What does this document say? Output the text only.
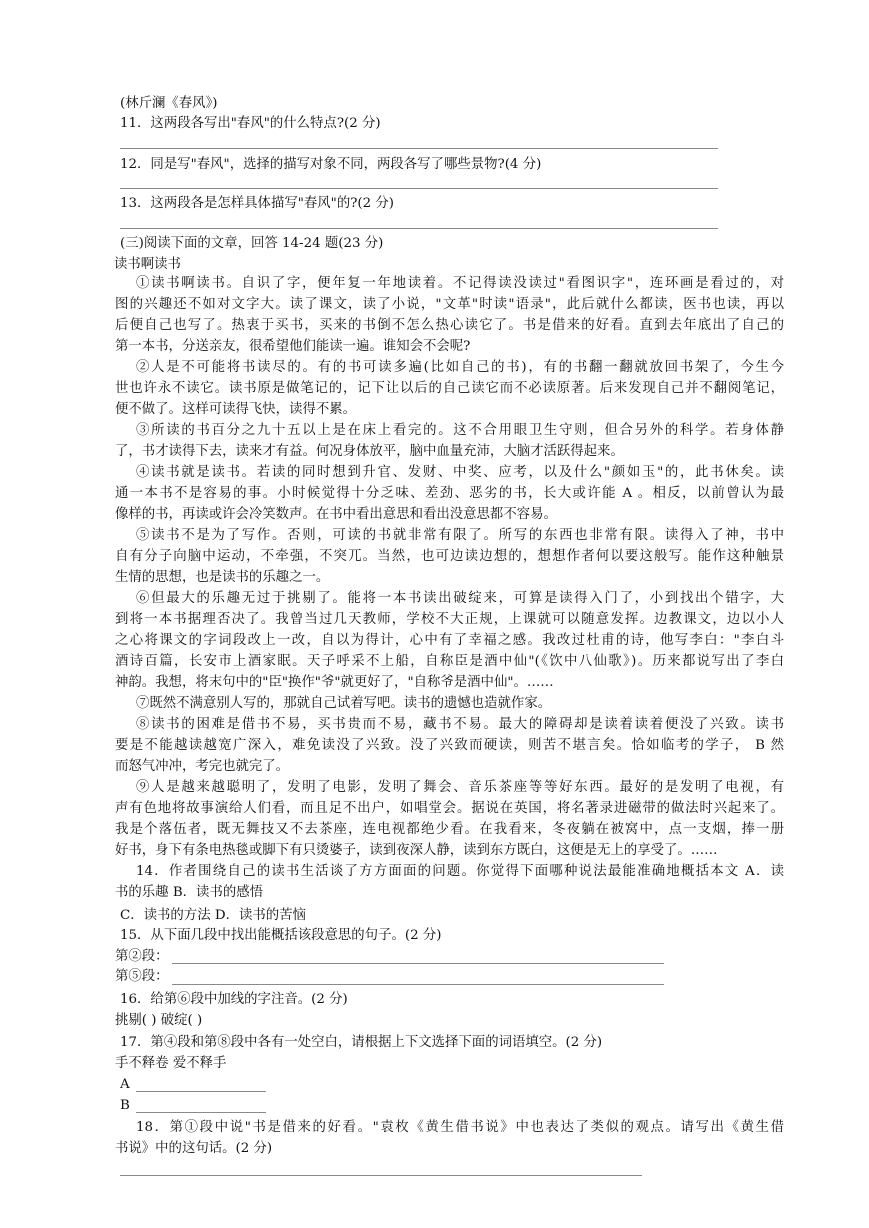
(林斤澜《春风》)
11．这两段各写出"春风"的什么特点?(2 分)
12．同是写"春风"，选择的描写对象不同，两段各写了哪些景物?(4 分)
13．这两段各是怎样具体描写"春风"的?(2 分)
(三)阅读下面的文章，回答 14-24 题(23 分)
读书啊读书
①读书啊读书。自识了字，便年复一年地读着。不记得读没读过"看图识字"，连环画是看过的，对
图的兴趣还不如对文字大。读了课文，读了小说，"文革"时读"语录"，此后就什么都读，医书也读，再以
后便自己也写了。热衷于买书，买来的书倒不怎么热心读它了。书是借来的好看。直到去年底出了自己的
第一本书，分送亲友，很希望他们能读一遍。谁知会不会呢?
②人是不可能将书读尽的。有的书可读多遍(比如自己的书)，有的书翻一翻就放回书架了，今生今
世也许永不读它。读书原是做笔记的，记下让以后的自己读它而不必读原著。后来发现自己并不翻阅笔记，
便不做了。这样可读得飞快，读得不累。
③所读的书百分之九十五以上是在床上看完的。这不合用眼卫生守则，但合另外的科学。若身体静
了，书才读得下去，读来才有益。何况身体放平，脑中血量充沛，大脑才活跃得起来。
④读书就是读书。若读的同时想到升官、发财、中奖、应考，以及什么"颜如玉"的，此书休矣。读
通一本书不是容易的事。小时候觉得十分乏味、差劲、恶劣的书，长大或许能 A 。相反，以前曾认为最
像样的书，再读或许会冷笑数声。在书中看出意思和看出没意思都不容易。
⑤读书不是为了写作。否则，可读的书就非常有限了。所写的东西也非常有限。读得入了神，书中
自有分子向脑中运动，不牵强，不突兀。当然，也可边读边想的，想想作者何以要这般写。能作这种触景
生情的思想，也是读书的乐趣之一。
⑥但最大的乐趣无过于挑剔了。能将一本书读出破绽来，可算是读得入门了，小到找出个错字，大
到将一本书据理否决了。我曾当过几天教师，学校不大正规，上课就可以随意发挥。边教课文，边以小人
之心将课文的字词段改上一改，自以为得计，心中有了幸福之感。我改过杜甫的诗，他写李白："李白斗
酒诗百篇，长安市上酒家眠。天子呼采不上船，自称臣是酒中仙"(《饮中八仙歌》)。历来都说写出了李白
神韵。我想，将末句中的"臣"换作"爷"就更好了，"自称爷是酒中仙"。……
⑦既然不满意别人写的，那就自己试着写吧。读书的遗憾也造就作家。
⑧读书的困难是借书不易，买书贵而不易，藏书不易。最大的障碍却是读着读着便没了兴致。读书
要是不能越读越宽广深入，难免读没了兴致。没了兴致而硬读，则苦不堪言矣。恰如临考的学子， B 然
而怒气冲冲，考完也就完了。
⑨人是越来越聪明了，发明了电影，发明了舞会、音乐茶座等等好东西。最好的是发明了电视，有
声有色地将故事演给人们看，而且足不出户，如唱堂会。据说在英国，将名著录进磁带的做法时兴起来了。
我是个落伍者，既无舞技又不去茶座，连电视都绝少看。在我看来，冬夜躺在被窝中，点一支烟，捧一册
好书，身下有条电热毯或脚下有只烫婆子，读到夜深人静，读到东方既白，这便是无上的享受了。……
14．作者围绕自己的读书生活谈了方方面面的问题。你觉得下面哪种说法最能准确地概括本文 A．读
书的乐趣 B．读书的感悟
C．读书的方法 D．读书的苦恼
15．从下面几段中找出能概括该段意思的句子。(2 分)
第②段：
第⑤段：
16．给第⑥段中加线的字注音。(2 分)
挑剔( ) 破绽( )
17．第④段和第⑧段中各有一处空白，请根据上下文选择下面的词语填空。(2 分)
手不释卷 爱不释手
A
B
18．第①段中说"书是借来的好看。"袁枚《黄生借书说》中也表达了类似的观点。请写出《黄生借
书说》中的这句话。(2 分)
